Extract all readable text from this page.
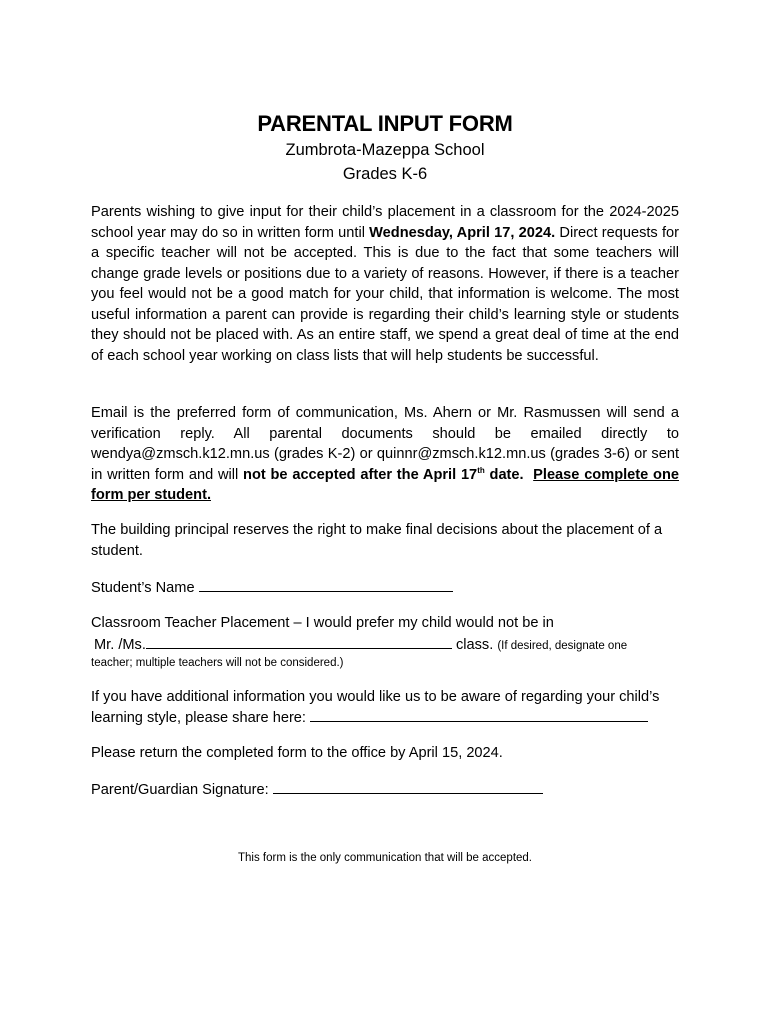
PARENTAL INPUT FORM
Zumbrota-Mazeppa School
Grades K-6
Parents wishing to give input for their child’s placement in a classroom for the 2024-2025 school year may do so in written form until Wednesday, April 17, 2024. Direct requests for a specific teacher will not be accepted. This is due to the fact that some teachers will change grade levels or positions due to a variety of reasons. However, if there is a teacher you feel would not be a good match for your child, that information is welcome. The most useful information a parent can provide is regarding their child’s learning style or students they should not be placed with. As an entire staff, we spend a great deal of time at the end of each school year working on class lists that will help students be successful.
Email is the preferred form of communication, Ms. Ahern or Mr. Rasmussen will send a verification reply. All parental documents should be emailed directly to wendya@zmsch.k12.mn.us (grades K-2) or quinnr@zmsch.k12.mn.us (grades 3-6) or sent in written form and will not be accepted after the April 17th date. Please complete one form per student.
The building principal reserves the right to make final decisions about the placement of a student.
Student’s Name
Classroom Teacher Placement – I would prefer my child would not be in
Mr. /Ms.	class. (If desired, designate one
teacher; multiple teachers will not be considered.)
If you have additional information you would like us to be aware of regarding your child’s
learning style, please share here:
Please return the completed form to the office by April 15, 2024.
Parent/Guardian Signature:
This form is the only communication that will be accepted.
